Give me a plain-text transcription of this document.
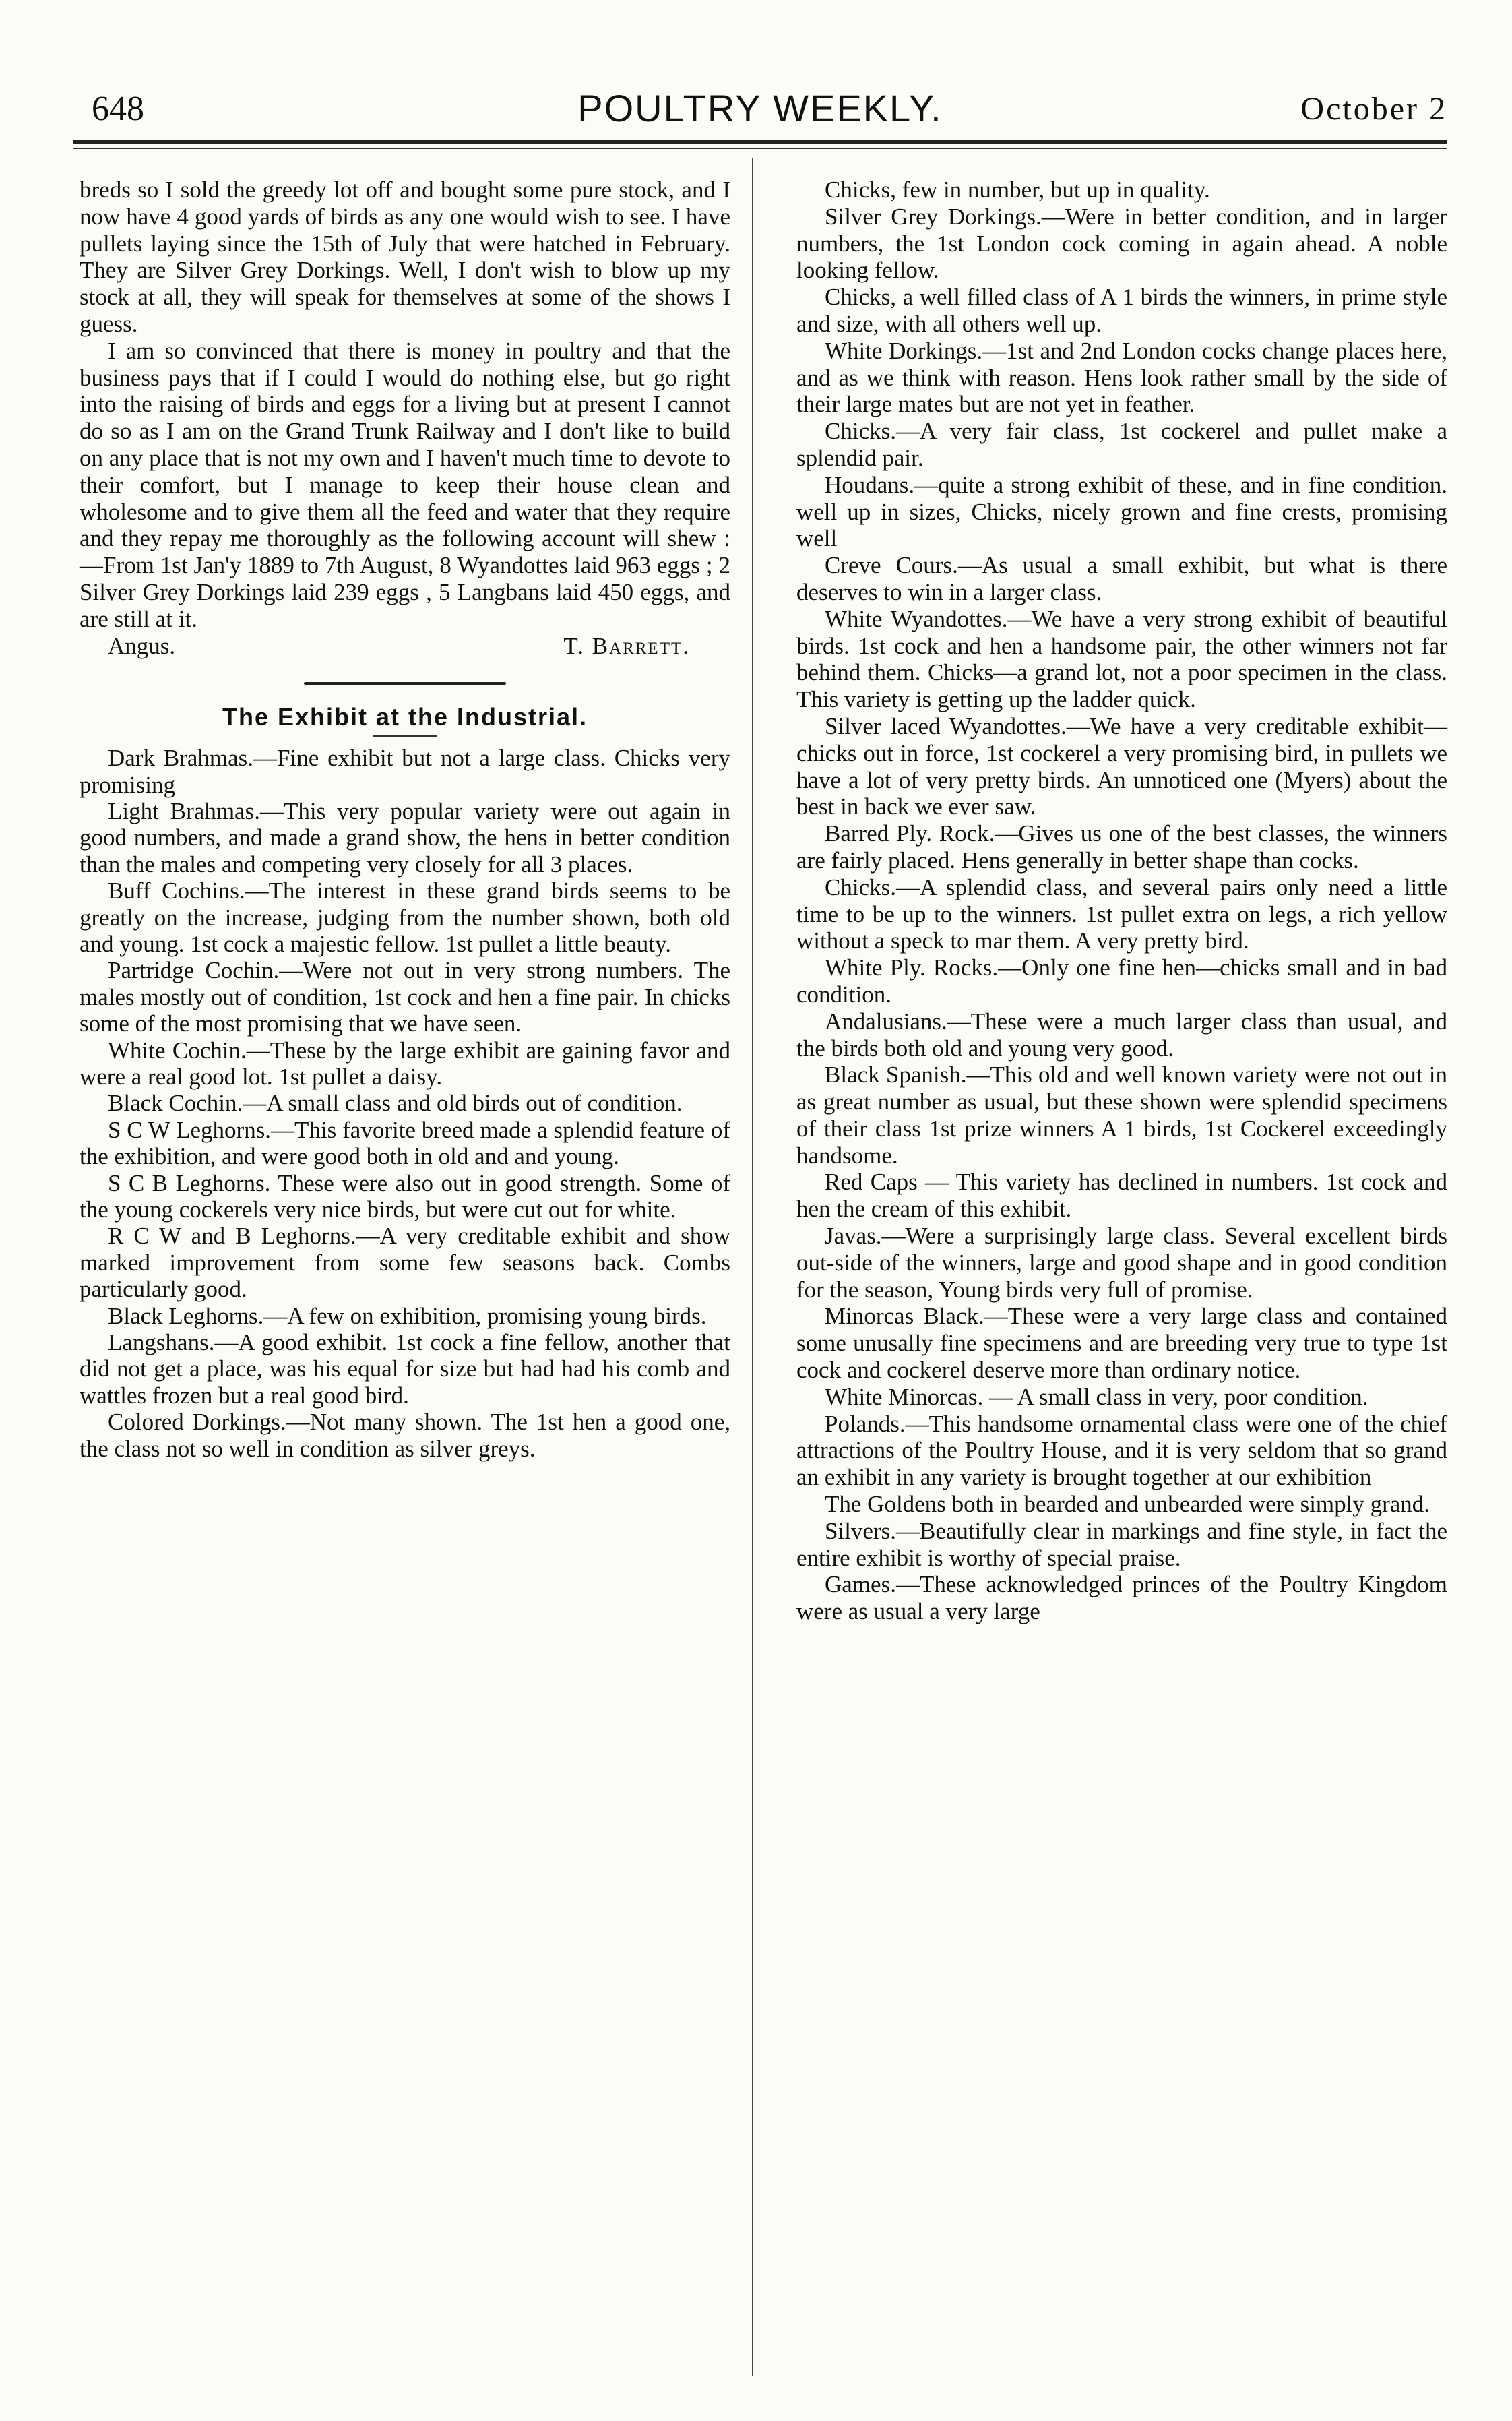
648	POULTRY WEEKLY.	October 2

breds so I sold the greedy lot off and bought some pure stock, and I now have 4 good yards of birds as any one would wish to see. I have pullets laying since the 15th of July that were hatched in February. They are Silver Grey Dorkings. Well, I don't wish to blow up my stock at all, they will speak for themselves at some of the shows I guess.

I am so convinced that there is money in poultry and that the business pays that if I could I would do nothing else, but go right into the raising of birds and eggs for a living but at present I cannot do so as I am on the Grand Trunk Railway and I don't like to build on any place that is not my own and I haven't much time to devote to their comfort, but I manage to keep their house clean and wholesome and to give them all the feed and water that they require and they repay me thoroughly as the following account will shew :—From 1st Jan'y 1889 to 7th August, 8 Wyandottes laid 963 eggs ; 2 Silver Grey Dorkings laid 239 eggs , 5 Langbans laid 450 eggs, and are still at it.

Angus.	T. Barrett.
The Exhibit at the Industrial.

Dark Brahmas.—Fine exhibit but not a large class. Chicks very promising

Light Brahmas.—This very popular variety were out again in good numbers, and made a grand show, the hens in better condition than the males and competing very closely for all 3 places.

Buff Cochins.—The interest in these grand birds seems to be greatly on the increase, judging from the number shown, both old and young. 1st cock a majestic fellow. 1st pullet a little beauty.

Partridge Cochin.—Were not out in very strong numbers. The males mostly out of condition, 1st cock and hen a fine pair. In chicks some of the most promising that we have seen.

White Cochin.—These by the large exhibit are gaining favor and were a real good lot. 1st pullet a daisy.

Black Cochin.—A small class and old birds out of condition.

S C W Leghorns.—This favorite breed made a splendid feature of the exhibition, and were good both in old and and young.

S C B Leghorns. These were also out in good strength. Some of the young cockerels very nice birds, but were cut out for white.

R C W and B Leghorns.—A very creditable exhibit and show marked improvement from some few seasons back. Combs particularly good.

Black Leghorns.—A few on exhibition, promising young birds.

Langshans.—A good exhibit. 1st cock a fine fellow, another that did not get a place, was his equal for size but had had his comb and wattles frozen but a real good bird.

Colored Dorkings.—Not many shown. The 1st hen a good one, the class not so well in condition as silver greys.

Chicks, few in number, but up in quality.

Silver Grey Dorkings.—Were in better condition, and in larger numbers, the 1st London cock coming in again ahead. A noble looking fellow.

Chicks, a well filled class of A 1 birds the winners, in prime style and size, with all others well up.

White Dorkings.—1st and 2nd London cocks change places here, and as we think with reason. Hens look rather small by the side of their large mates but are not yet in feather.

Chicks.—A very fair class, 1st cockerel and pullet make a splendid pair.

Houdans.—quite a strong exhibit of these, and in fine condition. well up in sizes, Chicks, nicely grown and fine crests, promising well

Creve Cours.—As usual a small exhibit, but what is there deserves to win in a larger class.

White Wyandottes.—We have a very strong exhibit of beautiful birds. 1st cock and hen a handsome pair, the other winners not far behind them. Chicks—a grand lot, not a poor specimen in the class. This variety is getting up the ladder quick.

Silver laced Wyandottes.—We have a very creditable exhibit—chicks out in force, 1st cockerel a very promising bird, in pullets we have a lot of very pretty birds. An unnoticed one (Myers) about the best in back we ever saw.

Barred Ply. Rock.—Gives us one of the best classes, the winners are fairly placed. Hens generally in better shape than cocks.

Chicks.—A splendid class, and several pairs only need a little time to be up to the winners. 1st pullet extra on legs, a rich yellow without a speck to mar them. A very pretty bird.

White Ply. Rocks.—Only one fine hen—chicks small and in bad condition.

Andalusians.—These were a much larger class than usual, and the birds both old and young very good.

Black Spanish.—This old and well known variety were not out in as great number as usual, but these shown were splendid specimens of their class 1st prize winners A 1 birds, 1st Cockerel exceedingly handsome.

Red Caps — This variety has declined in numbers. 1st cock and hen the cream of this exhibit.

Javas.—Were a surprisingly large class. Several excellent birds out-side of the winners, large and good shape and in good condition for the season, Young birds very full of promise.

Minorcas Black.—These were a very large class and contained some unusally fine specimens and are breeding very true to type 1st cock and cockerel deserve more than ordinary notice.

White Minorcas. — A small class in very, poor condition.

Polands.—This handsome ornamental class were one of the chief attractions of the Poultry House, and it is very seldom that so grand an exhibit in any variety is brought together at our exhibition

The Goldens both in bearded and unbearded were simply grand.

Silvers.—Beautifully clear in markings and fine style, in fact the entire exhibit is worthy of special praise.

Games.—These acknowledged princes of the Poultry Kingdom were as usual a very large
